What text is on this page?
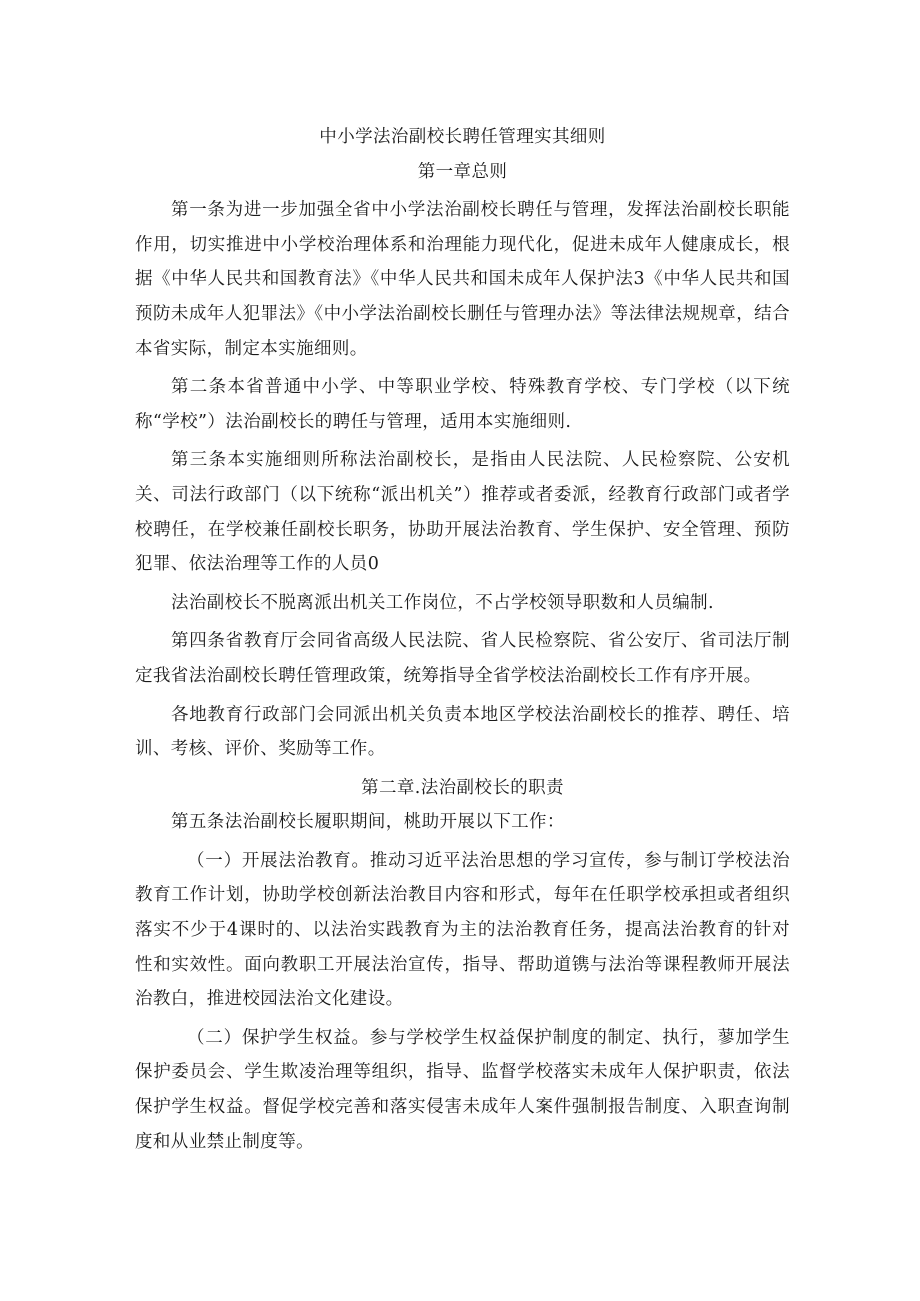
中小学法治副校长聘任管理实其细则

第一章总则

第一条为进一步加强全省中小学法治副校长聘任与管理，发挥法治副校长职能作用，切实推进中小学校治理体系和治理能力现代化，促进未成年人健康成长，根据《中华人民共和国教育法》《中华人民共和国未成年人保护法3《中华人民共和国预防未成年人犯罪法》《中小学法治副校长删任与管理办法》等法律法规规章，结合本省实际，制定本实施细则。

第二条本省普通中小学、中等职业学校、特殊教育学校、专门学校（以下统称“学校”）法治副校长的聘任与管理，适用本实施细则.

第三条本实施细则所称法治副校长，是指由人民法院、人民检察院、公安机关、司法行政部门（以下统称“派出机关”）推荐或者委派，经教育行政部门或者学校聘任，在学校兼任副校长职务，协助开展法治教育、学生保护、安全管理、预防犯罪、依法治理等工作的人员0

法治副校长不脱离派出机关工作岗位，不占学校领导职数和人员编制.

第四条省教育厅会同省高级人民法院、省人民检察院、省公安厅、省司法厅制定我省法治副校长聘任管理政策，统筹指导全省学校法治副校长工作有序开展。

各地教育行政部门会同派出机关负责本地区学校法治副校长的推荐、聘任、培训、考核、评价、奖励等工作。

第二章.法治副校长的职责

第五条法治副校长履职期间，桃助开展以下工作：

（一）开展法治教育。推动习近平法治思想的学习宣传，参与制订学校法治教育工作计划，协助学校创新法治教目内容和形式，每年在任职学校承担或者组织落实不少于4课时的、以法治实践教育为主的法治教育任务，提高法治教育的针对性和实效性。面向教职工开展法治宣传，指导、帮助道镌与法治等课程教师开展法治教白，推进校园法治文化建设。

（二）保护学生权益。参与学校学生权益保护制度的制定、执行，蓼加学生保护委员会、学生欺凌治理等组织，指导、监督学校落实未成年人保护职责，依法保护学生权益。督促学校完善和落实侵害未成年人案件强制报告制度、入职查询制度和从业禁止制度等。
